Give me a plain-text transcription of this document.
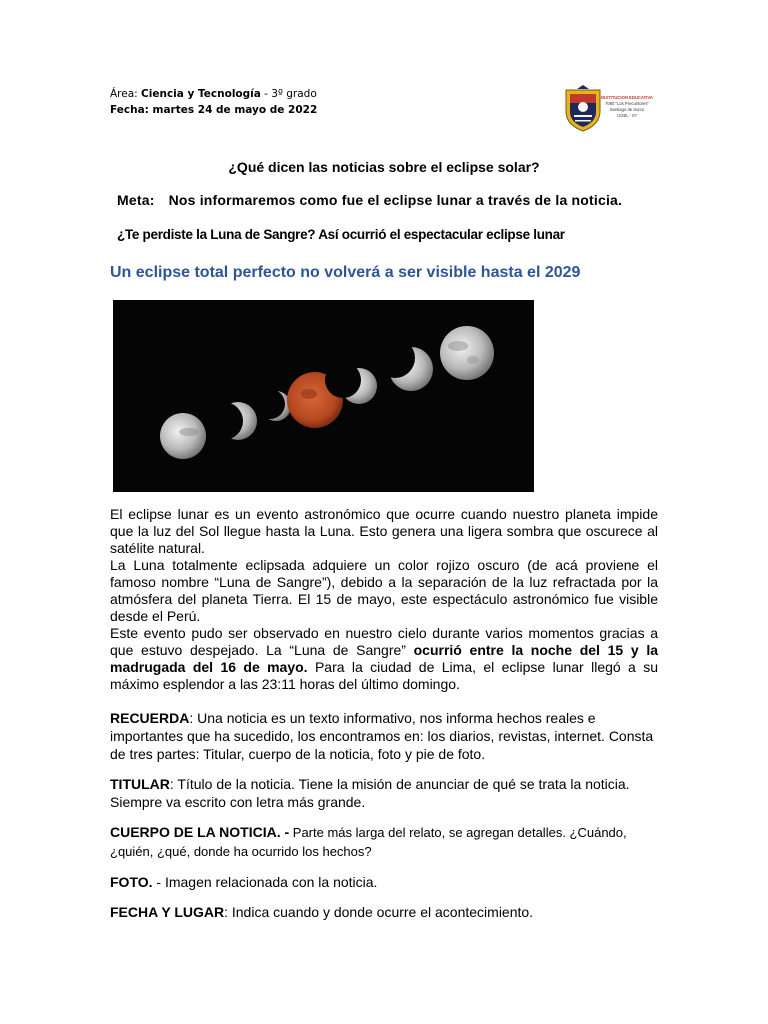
Área: Ciencia y Tecnología - 3º grado
Fecha: martes 24 de mayo de 2022
INSTITUCION EDUCATIVA
7080 "Los Precursores"
Santiago de Surco
UGEL - 07
¿Qué dicen las noticias sobre el eclipse solar?
Meta: Nos informaremos como fue el eclipse lunar a través de la noticia.
¿Te perdiste la Luna de Sangre? Así ocurrió el espectacular eclipse lunar
Un eclipse total perfecto no volverá a ser visible hasta el 2029

El eclipse lunar es un evento astronómico que ocurre cuando nuestro planeta impide que la luz del Sol llegue hasta la Luna. Esto genera una ligera sombra que oscurece al satélite natural.

La Luna totalmente eclipsada adquiere un color rojizo oscuro (de acá proviene el famoso nombre “Luna de Sangre”), debido a la separación de la luz refractada por la atmósfera del planeta Tierra. El 15 de mayo, este espectáculo astronómico fue visible desde el Perú.

Este evento pudo ser observado en nuestro cielo durante varios momentos gracias a que estuvo despejado. La “Luna de Sangre” ocurrió entre la noche del 15 y la madrugada del 16 de mayo. Para la ciudad de Lima, el eclipse lunar llegó a su máximo esplendor a las 23:11 horas del último domingo.

RECUERDA: Una noticia es un texto informativo, nos informa hechos reales e importantes que ha sucedido, los encontramos en: los diarios, revistas, internet. Consta de tres partes: Titular, cuerpo de la noticia, foto y pie de foto.

TITULAR: Título de la noticia. Tiene la misión de anunciar de qué se trata la noticia. Siempre va escrito con letra más grande.

CUERPO DE LA NOTICIA. - Parte más larga del relato, se agregan detalles. ¿Cuándo, ¿quién, ¿qué, donde ha ocurrido los hechos?

FOTO. - Imagen relacionada con la noticia.

FECHA Y LUGAR: Indica cuando y donde ocurre el acontecimiento.
